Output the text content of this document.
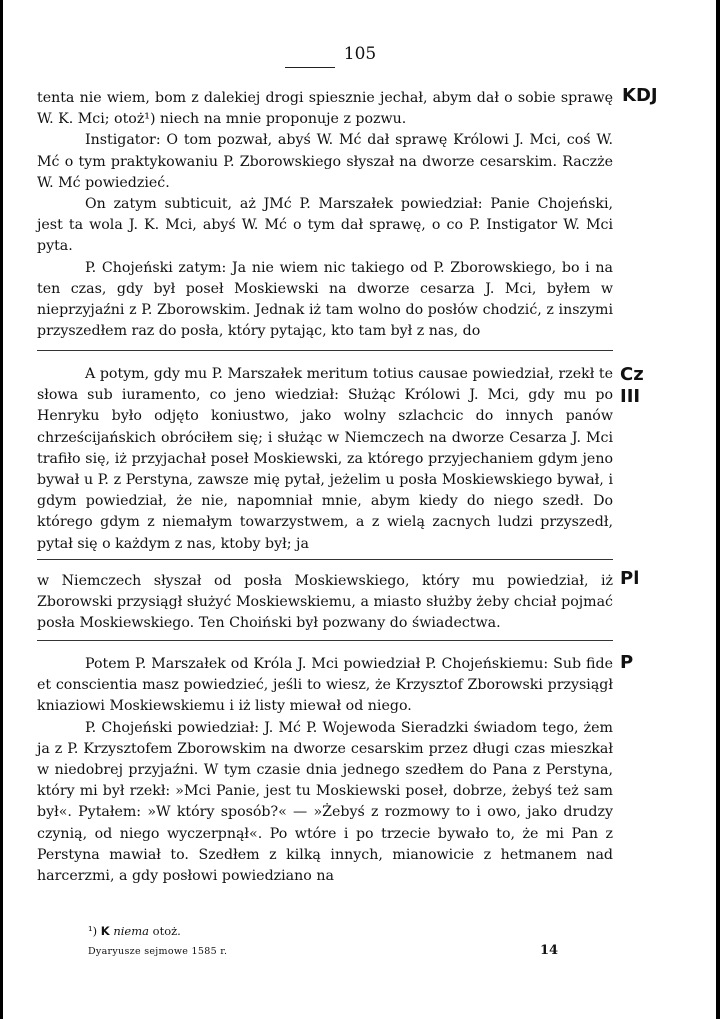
105
KDJ

tenta nie wiem, bom z dalekiej drogi spiesznie jechał, abym dał o sobie sprawę W. K. Mci; otoż¹) niech na mnie proponuje z pozwu.

Instigator: O tom pozwał, abyś W. Mć dał sprawę Królowi J. Mci, coś W. Mć o tym praktykowaniu P. Zborowskiego słyszał na dworze cesarskim. Raczże W. Mć powiedzieć.

On zatym subticuit, aż JMć P. Marszałek powiedział: Panie Chojeński, jest ta wola J. K. Mci, abyś W. Mć o tym dał sprawę, o co P. Instigator W. Mci pyta.

P. Chojeński zatym: Ja nie wiem nic takiego od P. Zborowskiego, bo i na ten czas, gdy był poseł Moskiewski na dworze cesarza J. Mci, byłem w nieprzyjaźni z P. Zborowskim. Jednak iż tam wolno do posłów chodzić, z inszymi przyszedłem raz do posła, który pytając, kto tam był z nas, do

Cz
III

A potym, gdy mu P. Marszałek meritum totius causae powiedział, rzekł te słowa sub iuramento, co jeno wiedział: Służąc Królowi J. Mci, gdy mu po Henryku było odjęto koniustwo, jako wolny szlachcic do innych panów chrześcijańskich obróciłem się; i służąc w Niemczech na dworze Cesarza J. Mci trafiło się, iż przyjachał poseł Moskiewski, za którego przyjechaniem gdym jeno bywał u P. z Perstyna, zawsze mię pytał, jeżelim u posła Moskiewskiego bywał, i gdym powiedział, że nie, napomniał mnie, abym kiedy do niego szedł. Do którego gdym z niemałym towarzystwem, a z wielą zacnych ludzi przyszedł, pytał się o każdym z nas, ktoby był; ja

Pl

w Niemczech słyszał od posła Moskiewskiego, który mu powiedział, iż Zborowski przysiągł służyć Moskiewskiemu, a miasto służby żeby chciał pojmać posła Moskiewskiego. Ten Choiński był pozwany do świadectwa.

P

Potem P. Marszałek od Króla J. Mci powiedział P. Chojeńskiemu: Sub fide et conscientia masz powiedzieć, jeśli to wiesz, że Krzysztof Zborowski przysiągł kniaziowi Moskiewskiemu i iż listy miewał od niego.

P. Chojeński powiedział: J. Mć P. Wojewoda Sieradzki świadom tego, żem ja z P. Krzysztofem Zborowskim na dworze cesarskim przez długi czas mieszkał w niedobrej przyjaźni. W tym czasie dnia jednego szedłem do Pana z Perstyna, który mi był rzekł: »Mci Panie, jest tu Moskiewski poseł, dobrze, żebyś też sam był«. Pytałem: »W który sposób?« — »Żebyś z rozmowy to i owo, jako drudzy czynią, od niego wyczerpnął«. Po wtóre i po trzecie bywało to, że mi Pan z Perstyna mawiał to. Szedłem z kilką innych, mianowicie z hetmanem nad harcerzmi, a gdy posłowi powiedziano na

¹) K niema otoż.
Dyaryusze sejmowe 1585 r.	14
